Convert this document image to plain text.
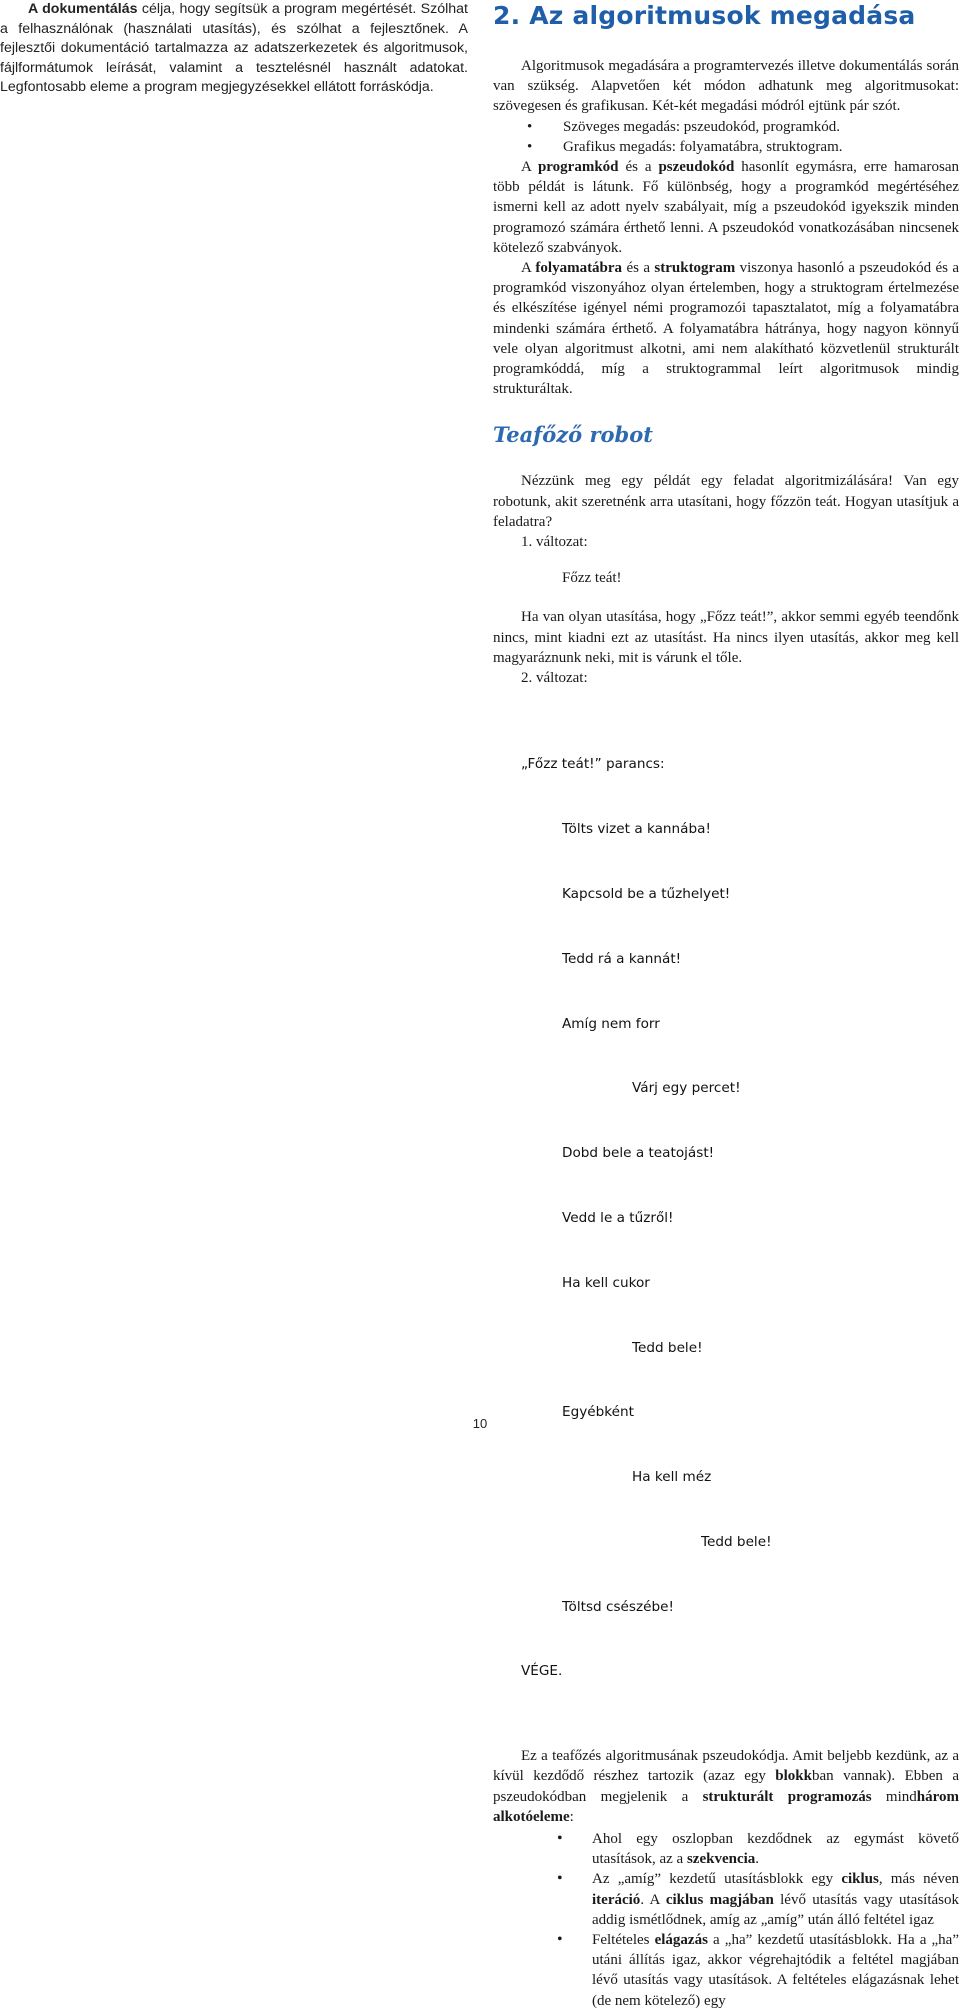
A dokumentálás célja, hogy segítsük a program megértését. Szólhat a felhasználónak (használati utasítás), és szólhat a fejlesztőnek. A fejlesztői dokumentáció tartalmazza az adatszerkezetek és algoritmusok, fájlformátumok leírását, valamint a tesztelésnél használt adatokat. Legfontosabb eleme a program megjegyzésekkel ellátott forráskódja.

2. Az algoritmusok megadása

Algoritmusok megadására a programtervezés illetve dokumentálás során van szükség. Alapvetően két módon adhatunk meg algoritmusokat: szövegesen és grafikusan. Két-két megadási módról ejtünk pár szót.

• Szöveges megadás: pszeudokód, programkód.
• Grafikus megadás: folyamatábra, struktogram.

A programkód és a pszeudokód hasonlít egymásra, erre hamarosan több példát is látunk. Fő különbség, hogy a programkód megértéséhez ismerni kell az adott nyelv szabályait, míg a pszeudokód igyekszik minden programozó számára érthető lenni. A pszeudokód vonatkozásában nincsenek kötelező szabványok.

A folyamatábra és a struktogram viszonya hasonló a pszeudokód és a programkód viszonyához olyan értelemben, hogy a struktogram értelmezése és elkészítése igényel némi programozói tapasztalatot, míg a folyamatábra mindenki számára érthető. A folyamatábra hátránya, hogy nagyon könnyű vele olyan algoritmust alkotni, ami nem alakítható közvetlenül strukturált programkóddá, míg a struktogrammal leírt algoritmusok mindig strukturáltak.

Teafőző robot

Nézzünk meg egy példát egy feladat algoritmizálására! Van egy robotunk, akit szeretnénk arra utasítani, hogy főzzön teát. Hogyan utasítjuk a feladatra?

1. változat:

Főzz teát!

Ha van olyan utasítása, hogy „Főzz teát!”, akkor semmi egyéb teendőnk nincs, mint kiadni ezt az utasítást. Ha nincs ilyen utasítás, akkor meg kell magyaráznunk neki, mit is várunk el tőle.

2. változat:

„Főzz teát!” parancs:

Tölts vizet a kannába!

Kapcsold be a tűzhelyet!

Tedd rá a kannát!

Amíg nem forr

Várj egy percet!

Dobd bele a teatojást!

Vedd le a tűzről!

Ha kell cukor

Tedd bele!

Egyébként

Ha kell méz

Tedd bele!

Töltsd csészébe!

VÉGE.

Ez a teafőzés algoritmusának pszeudokódja. Amit beljebb kezdünk, az a kívül kezdődő részhez tartozik (azaz egy blokkban vannak). Ebben a pszeudokódban megjelenik a strukturált programozás mindhárom alkotóeleme:

• Ahol egy oszlopban kezdődnek az egymást követő utasítások, az a szekvencia.
• Az „amíg” kezdetű utasításblokk egy ciklus, más néven iteráció. A ciklus magjában lévő utasítás vagy utasítások addig ismétlődnek, amíg az „amíg” után álló feltétel igaz
• Feltételes elágazás a „ha” kezdetű utasításblokk. Ha a „ha” utáni állítás igaz, akkor végrehajtódik a feltétel magjában lévő utasítás vagy utasítások. A feltételes elágazásnak lehet (de nem kötelező) egy
10
